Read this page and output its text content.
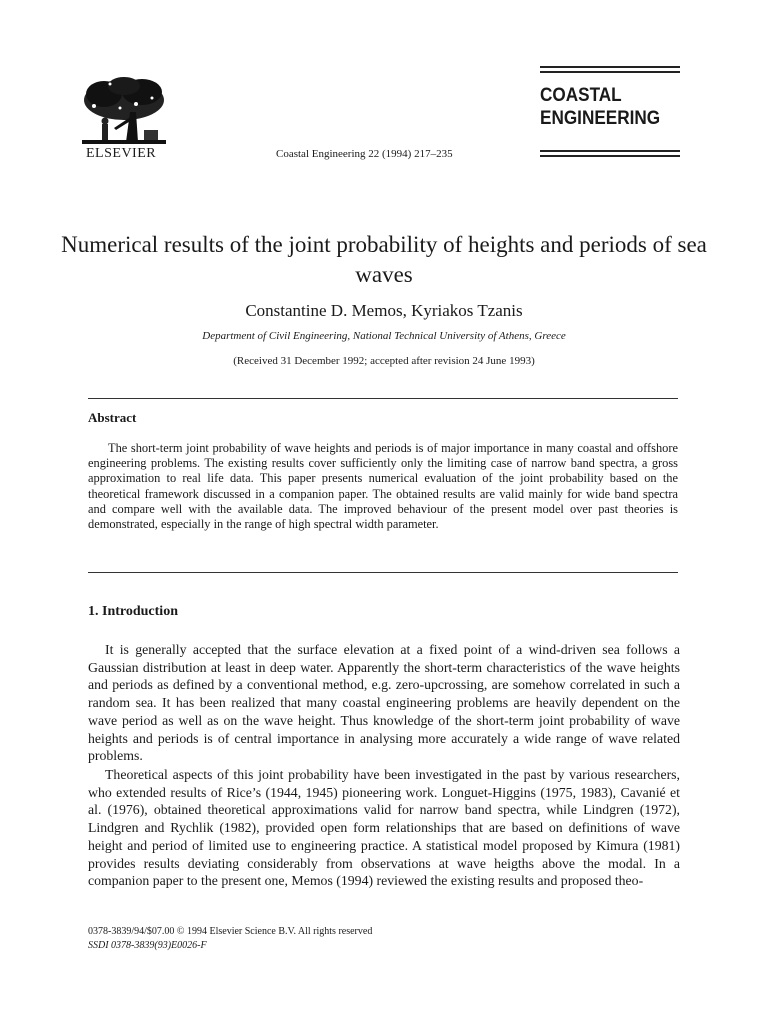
ELSEVIER	Coastal Engineering 22 (1994) 217–235
COASTAL
ENGINEERING
Numerical results of the joint probability of heights and periods of sea waves
Constantine D. Memos, Kyriakos Tzanis
Department of Civil Engineering, National Technical University of Athens, Greece
(Received 31 December 1992; accepted after revision 24 June 1993)
Abstract
The short-term joint probability of wave heights and periods is of major importance in many coastal and offshore engineering problems. The existing results cover sufficiently only the limiting case of narrow band spectra, a gross approximation to real life data. This paper presents numerical evaluation of the joint probability based on the theoretical framework discussed in a companion paper. The obtained results are valid mainly for wide band spectra and compare well with the available data. The improved behaviour of the present model over past theories is demonstrated, especially in the range of high spectral width parameter.
1. Introduction
It is generally accepted that the surface elevation at a fixed point of a wind-driven sea follows a Gaussian distribution at least in deep water. Apparently the short-term characteristics of the wave heights and periods as defined by a conventional method, e.g. zero-upcrossing, are somehow correlated in such a random sea. It has been realized that many coastal engineering problems are heavily dependent on the wave period as well as on the wave height. Thus knowledge of the short-term joint probability of wave heights and periods is of central importance in analysing more accurately a wide range of wave related problems.
Theoretical aspects of this joint probability have been investigated in the past by various researchers, who extended results of Rice’s (1944, 1945) pioneering work. Longuet-Higgins (1975, 1983), Cavanié et al. (1976), obtained theoretical approximations valid for narrow band spectra, while Lindgren (1972), Lindgren and Rychlik (1982), provided open form relationships that are based on definitions of wave height and period of limited use to engineering practice. A statistical model proposed by Kimura (1981) provides results deviating considerably from observations at wave heigths above the modal. In a companion paper to the present one, Memos (1994) reviewed the existing results and proposed theo-
0378-3839/94/$07.00 © 1994 Elsevier Science B.V. All rights reserved
SSDI 0378-3839(93)E0026-F
